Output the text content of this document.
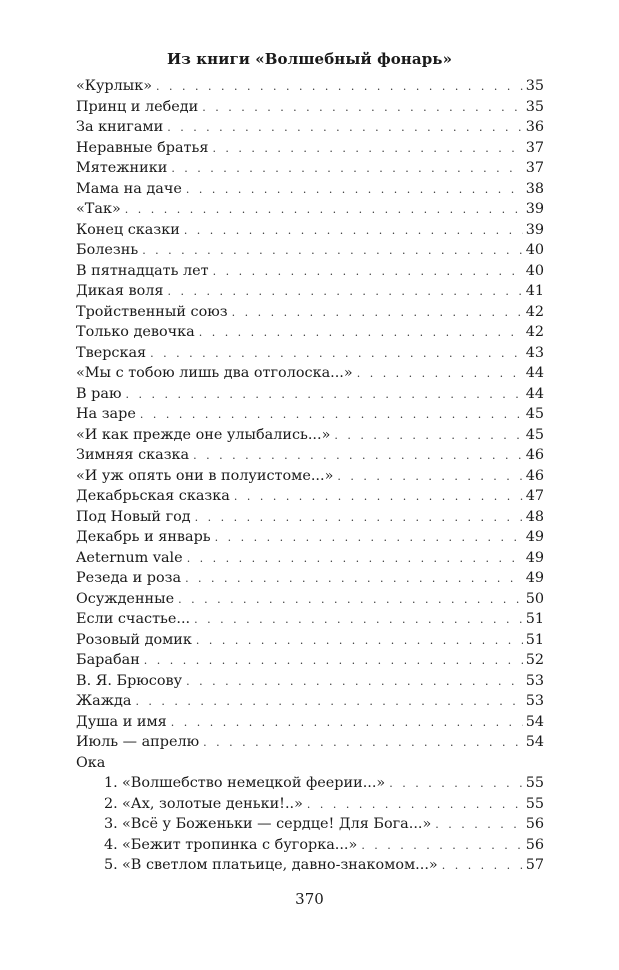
Из книги «Волшебный фонарь»
«Курлык» . . .	35
Принц и лебеди . . .	35
За книгами . . .	36
Неравные братья . . .	37
Мятежники . . .	37
Мама на даче . . .	38
«Так» . . .	39
Конец сказки . . .	39
Болезнь . . .	40
В пятнадцать лет . . .	40
Дикая воля . . .	41
Тройственный союз . . .	42
Только девочка . . .	42
Тверская . . .	43
«Мы с тобою лишь два отголоска...» . . .	44
В раю . . .	44
На заре . . .	45
«И как прежде оне улыбались...» . . .	45
Зимняя сказка . . .	46
«И уж опять они в полуистоме...» . . .	46
Декабрьская сказка . . .	47
Под Новый год . . .	48
Декабрь и январь . . .	49
Aeternum vale . . .	49
Резеда и роза . . .	49
Осужденные . . .	50
Если счастье... . . .	51
Розовый домик . . .	51
Барабан . . .	52
В. Я. Брюсову . . .	53
Жажда . . .	53
Душа и имя . . .	54
Июль — апрелю . . .	54
Ока
1. «Волшебство немецкой феерии...» . . .	55
2. «Ах, золотые деньки!..» . . .	55
3. «Всё у Боженьки — сердце! Для Бога...» . . .	56
4. «Бежит тропинка с бугорка...» . . .	56
5. «В светлом платьице, давно-знакомом...» . . .	57
370
